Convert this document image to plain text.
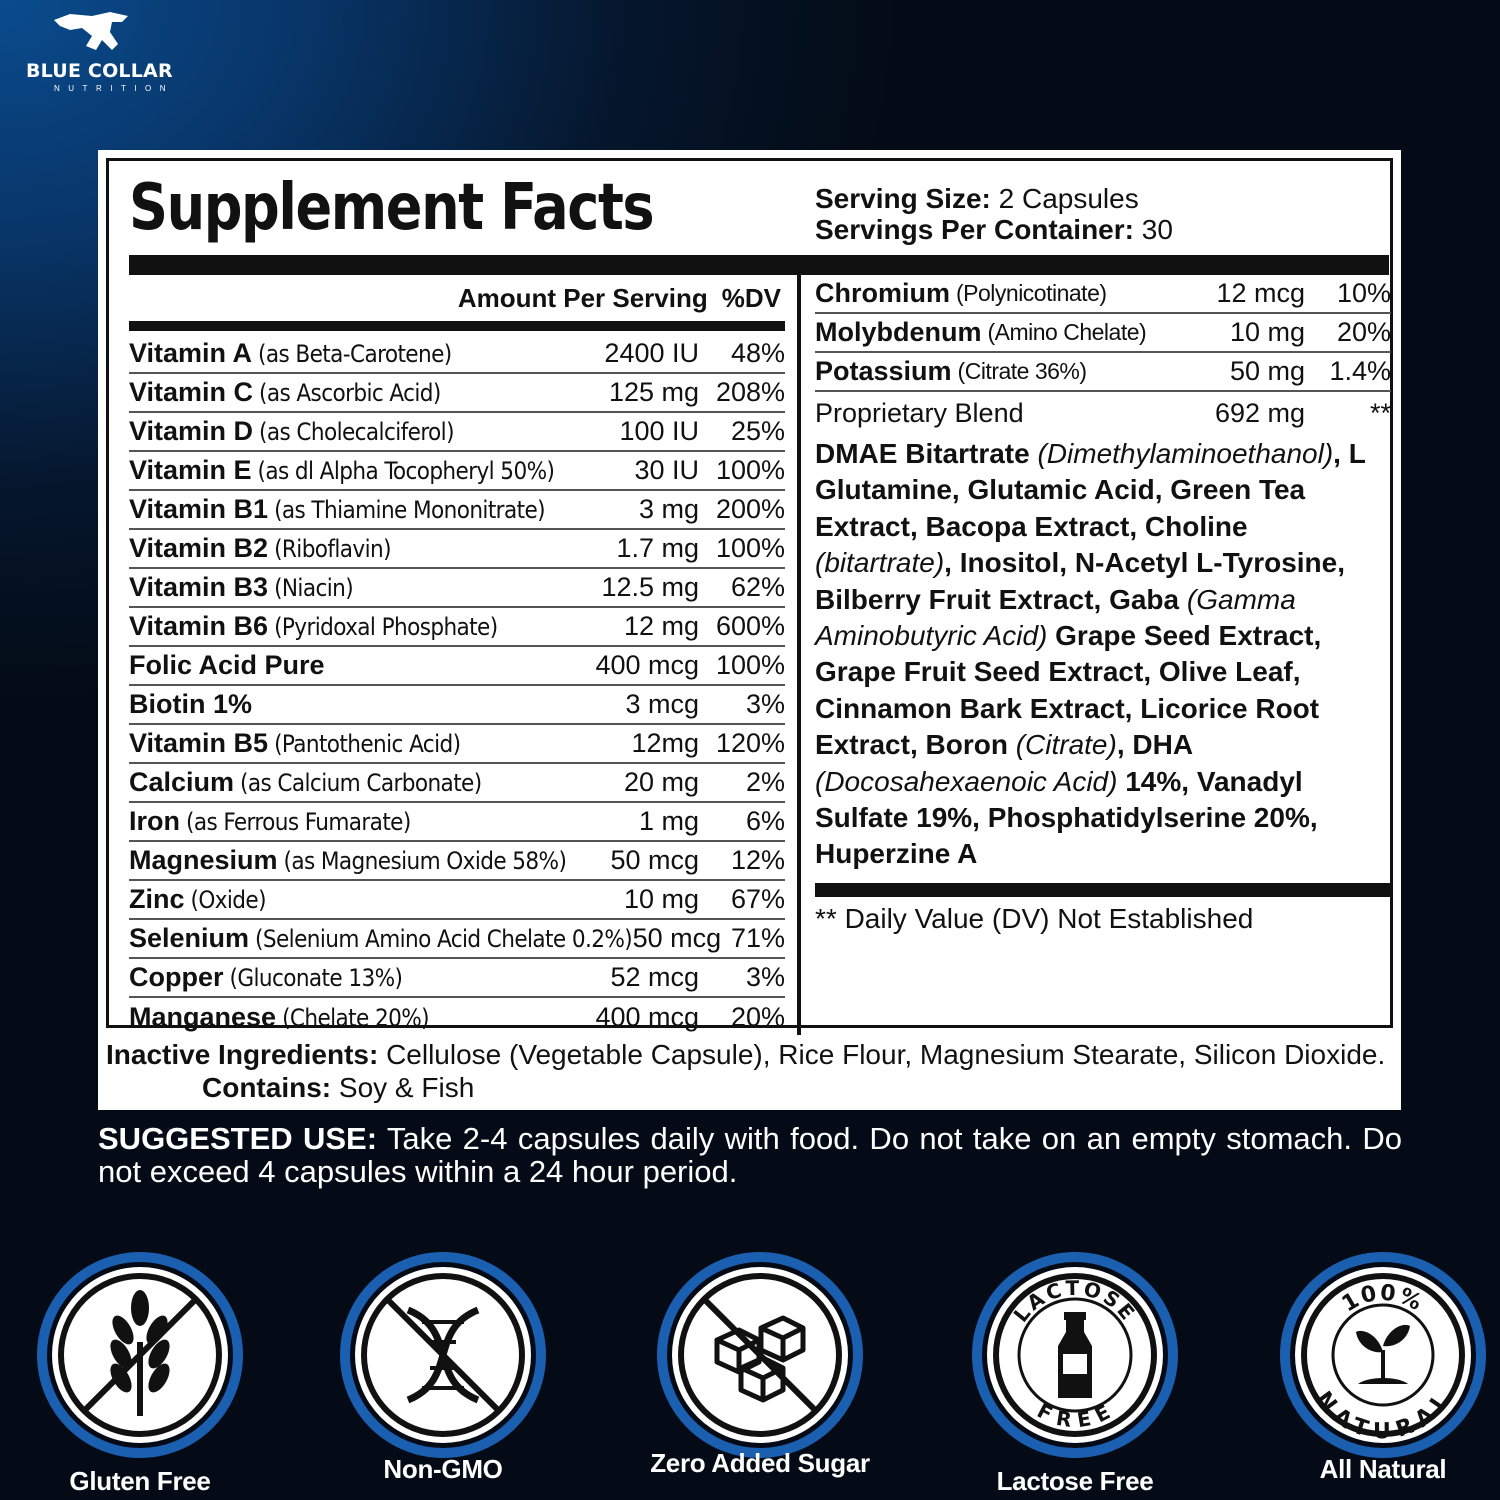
BLUE COLLAR
NUTRITION
Supplement Facts	Serving Size: 2 Capsules
Servings Per Container: 30
Amount Per Serving %DV
Vitamin A (as Beta-Carotene)	2400 IU	48%
Vitamin C (as Ascorbic Acid)	125 mg 208%
Vitamin D (as Cholecalciferol)	100 IU	25%
Vitamin E (as dl Alpha Tocopheryl 50%)	30 IU 100%
Vitamin B1 (as Thiamine Mononitrate)	3 mg 200%
Vitamin B2 (Riboflavin)	1.7 mg 100%
Vitamin B3 (Niacin)	12.5 mg	62%
Vitamin B6 (Pyridoxal Phosphate)	12 mg 600%
Folic Acid Pure	400 mcg 100%
Biotin 1%	3 mcg	3%
Vitamin B5 (Pantothenic Acid)	12mg 120%
Calcium (as Calcium Carbonate)	20 mg	2%
Iron (as Ferrous Fumarate)	1 mg	6%
Magnesium (as Magnesium Oxide 58%)	50 mcg	12%
Zinc (Oxide)	10 mg	67%
Selenium (Selenium Amino Acid Chelate 0.2%) 50 mcg 71%
Copper (Gluconate 13%)	52 mcg	3%
Manganese (Chelate 20%)	400 mcg	20%
Chromium (Polynicotinate)	12 mcg	10%
Molybdenum (Amino Chelate)	10 mg	20%
Potassium (Citrate 36%)	50 mg 1.4%
Proprietary Blend	692 mg	**
DMAE Bitartrate (Dimethylaminoethanol), L Glutamine, Glutamic Acid, Green Tea Extract, Bacopa Extract, Choline (bitartrate), Inositol, N-Acetyl L-Tyrosine, Bilberry Fruit Extract, Gaba (Gamma Aminobutyric Acid) Grape Seed Extract, Grape Fruit Seed Extract, Olive Leaf, Cinnamon Bark Extract, Licorice Root Extract, Boron (Citrate), DHA (Docosahexaenoic Acid) 14%, Vanadyl Sulfate 19%, Phosphatidylserine 20%, Huperzine A
** Daily Value (DV) Not Established
Inactive Ingredients: Cellulose (Vegetable Capsule), Rice Flour, Magnesium Stearate, Silicon Dioxide. Contains: Soy & Fish
SUGGESTED USE: Take 2-4 capsules daily with food. Do not take on an empty stomach. Do not exceed 4 capsules within a 24 hour period.
Gluten Free	Non-GMO	Zero Added Sugar
LACTOSE
FREE
Lactose Free
100%
NATURAL
All Natural
